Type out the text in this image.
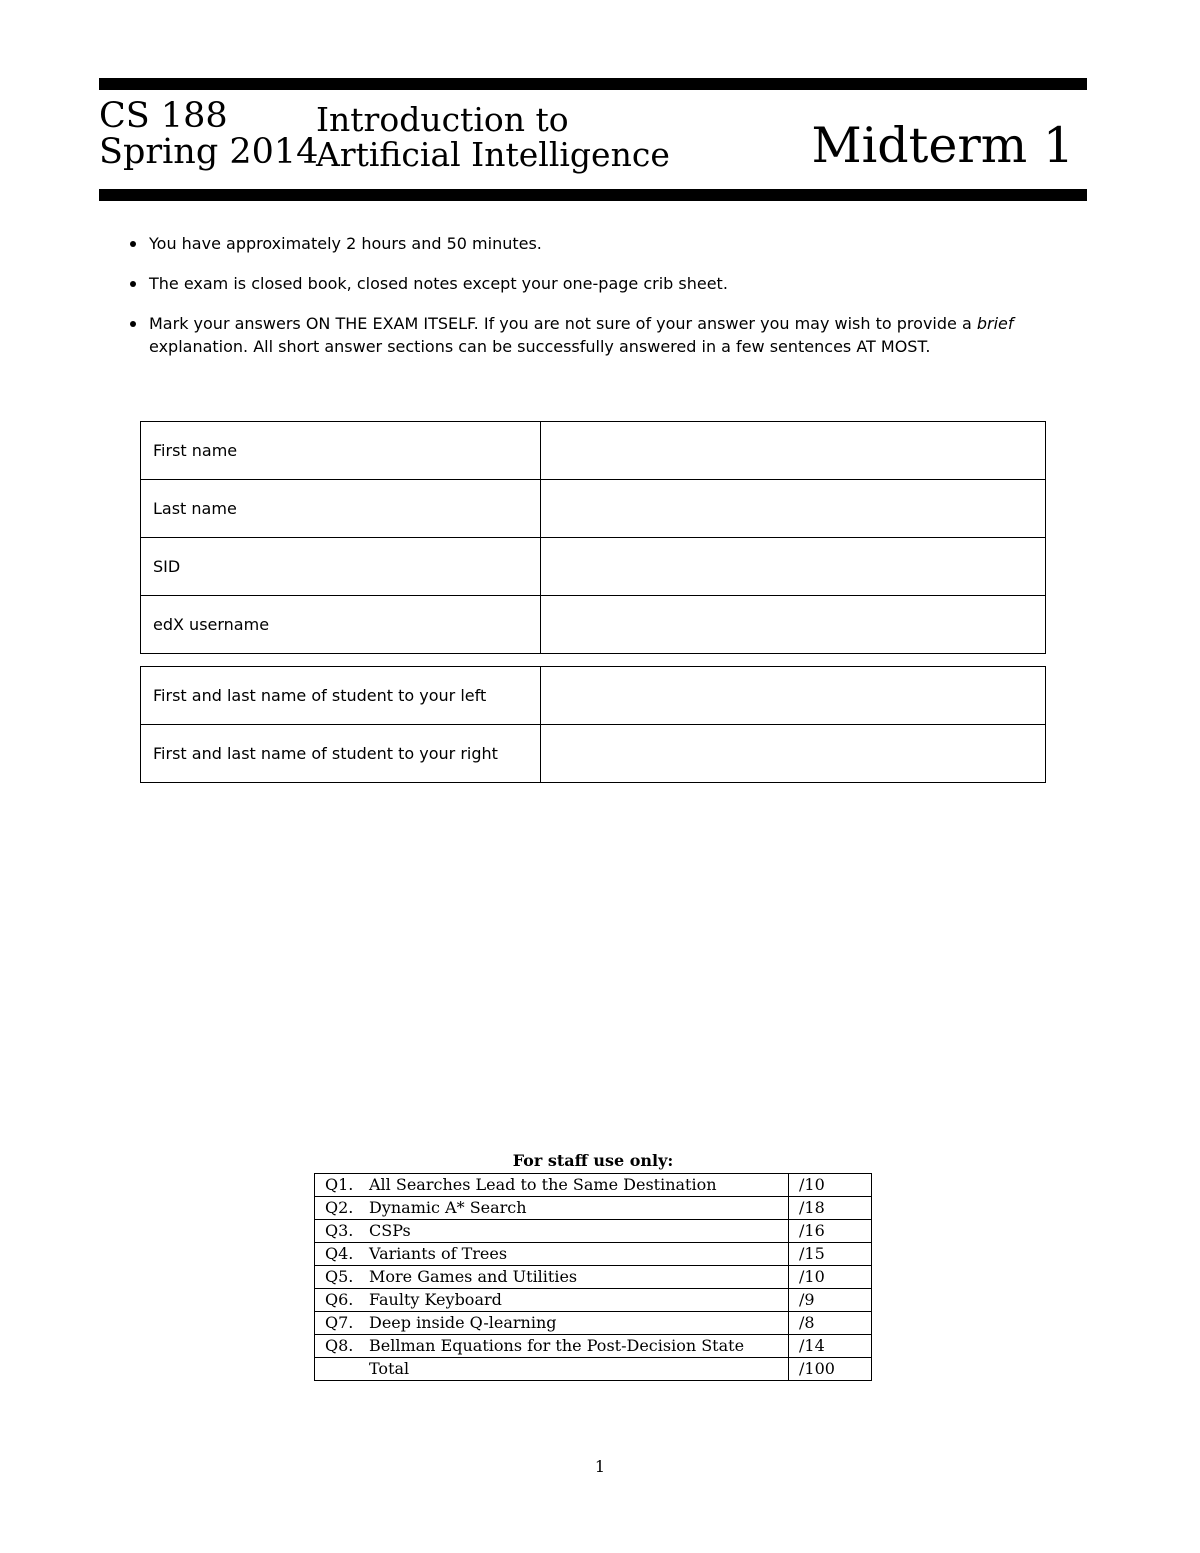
CS 188
Spring 2014
Introduction to
Artificial Intelligence	Midterm 1
You have approximately 2 hours and 50 minutes.
The exam is closed book, closed notes except your one-page crib sheet.
Mark your answers ON THE EXAM ITSELF. If you are not sure of your answer you may wish to provide a brief explanation. All short answer sections can be successfully answered in a few sentences AT MOST.
First name	
Last name	
SID	
edX username	
First and last name of student to your left	
First and last name of student to your right	
For staff use only:
Q1.	All Searches Lead to the Same Destination	/10
Q2.	Dynamic A* Search	/18
Q3.	CSPs	/16
Q4.	Variants of Trees	/15
Q5.	More Games and Utilities	/10
Q6.	Faulty Keyboard	/9
Q7.	Deep inside Q-learning	/8
Q8.	Bellman Equations for the Post-Decision State	/14
	Total	/100
1
